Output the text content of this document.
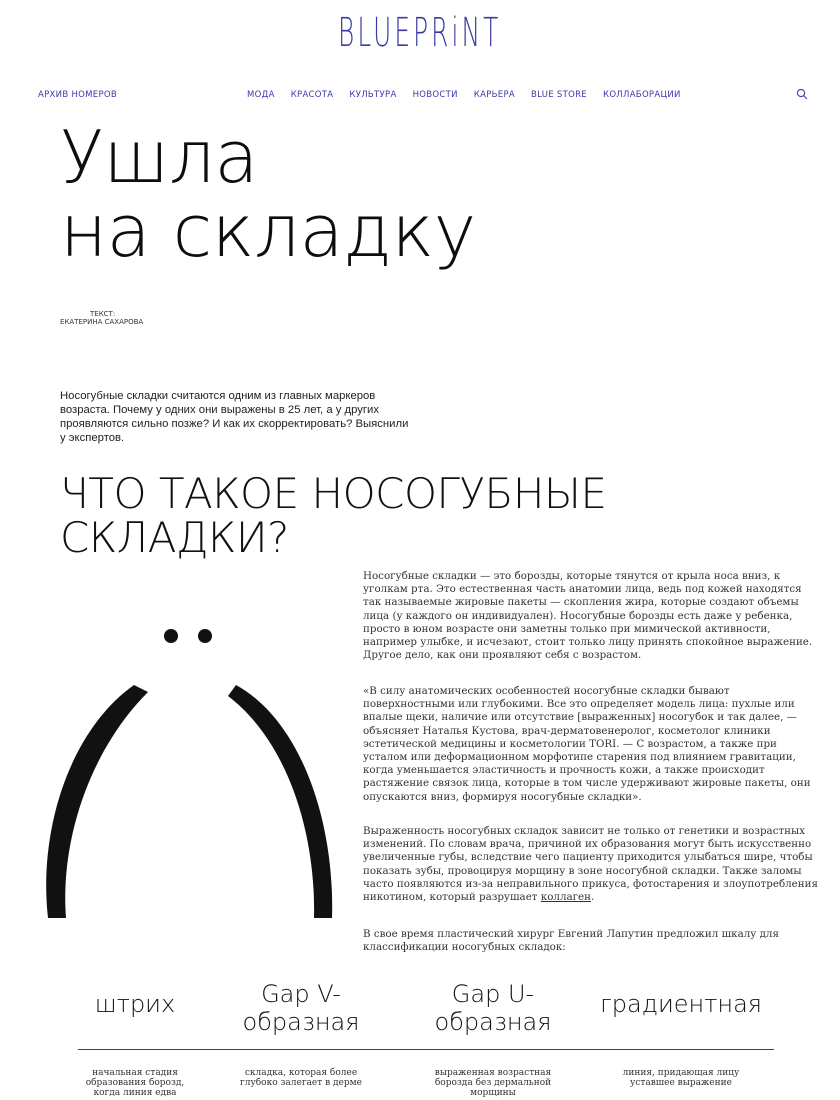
BLUEPRiNT
АРХИВ НОМЕРОВ	МОДА КРАСОТА КУЛЬТУРА НОВОСТИ КАРЬЕРА BLUE STORE КОЛЛАБОРАЦИИ
Ушла
на складку
ТЕКСТ:
ЕКАТЕРИНА САХАРОВА
Носогубные складки считаются одним из главных маркеров возраста. Почему у одних они выражены в 25 лет, а у других проявляются сильно позже? И как их скорректировать? Выяснили у экспертов.
ЧТО ТАКОЕ НОСОГУБНЫЕ
СКЛАДКИ?
Носогубные складки — это борозды, которые тянутся от крыла носа вниз, к уголкам рта. Это естественная часть анатомии лица, ведь под кожей находятся так называемые жировые пакеты — скопления жира, которые создают объемы лица (у каждого он индивидуален). Носогубные борозды есть даже у ребенка, просто в юном возрасте они заметны только при мимической активности, например улыбке, и исчезают, стоит только лицу принять спокойное выражение. Другое дело, как они проявляют себя с возрастом.
«В силу анатомических особенностей носогубные складки бывают поверхностными или глубокими. Все это определяет модель лица: пухлые или впалые щеки, наличие или отсутствие [выраженных] носогубок и так далее, — объясняет Наталья Кустова, врач-дерматовенеролог, косметолог клиники эстетической медицины и косметологии TORI. — С возрастом, а также при усталом или деформационном морфотипе старения под влиянием гравитации, когда уменьшается эластичность и прочность кожи, а также происходит растяжение связок лица, которые в том числе удерживают жировые пакеты, они опускаются вниз, формируя носогубные складки».
Выраженность носогубных складок зависит не только от генетики и возрастных изменений. По словам врача, причиной их образования могут быть искусственно увеличенные губы, вследствие чего пациенту приходится улыбаться шире, чтобы показать зубы, провоцируя морщину в зоне носогубной складки. Также заломы часто появляются из-за неправильного прикуса, фотостарения и злоупотребления никотином, который разрушает коллаген.
В свое время пластический хирург Евгений Лапутин предложил шкалу для классификации носогубных складок:
штрих	Gap V-образная
Gap U-образная
градиентная
начальная стадия образования борозд, когда линия едва
складка, которая более глубоко залегает в дерме
выраженная возрастная борозда без дермальной морщины
линия, придающая лицу уставшее выражение
